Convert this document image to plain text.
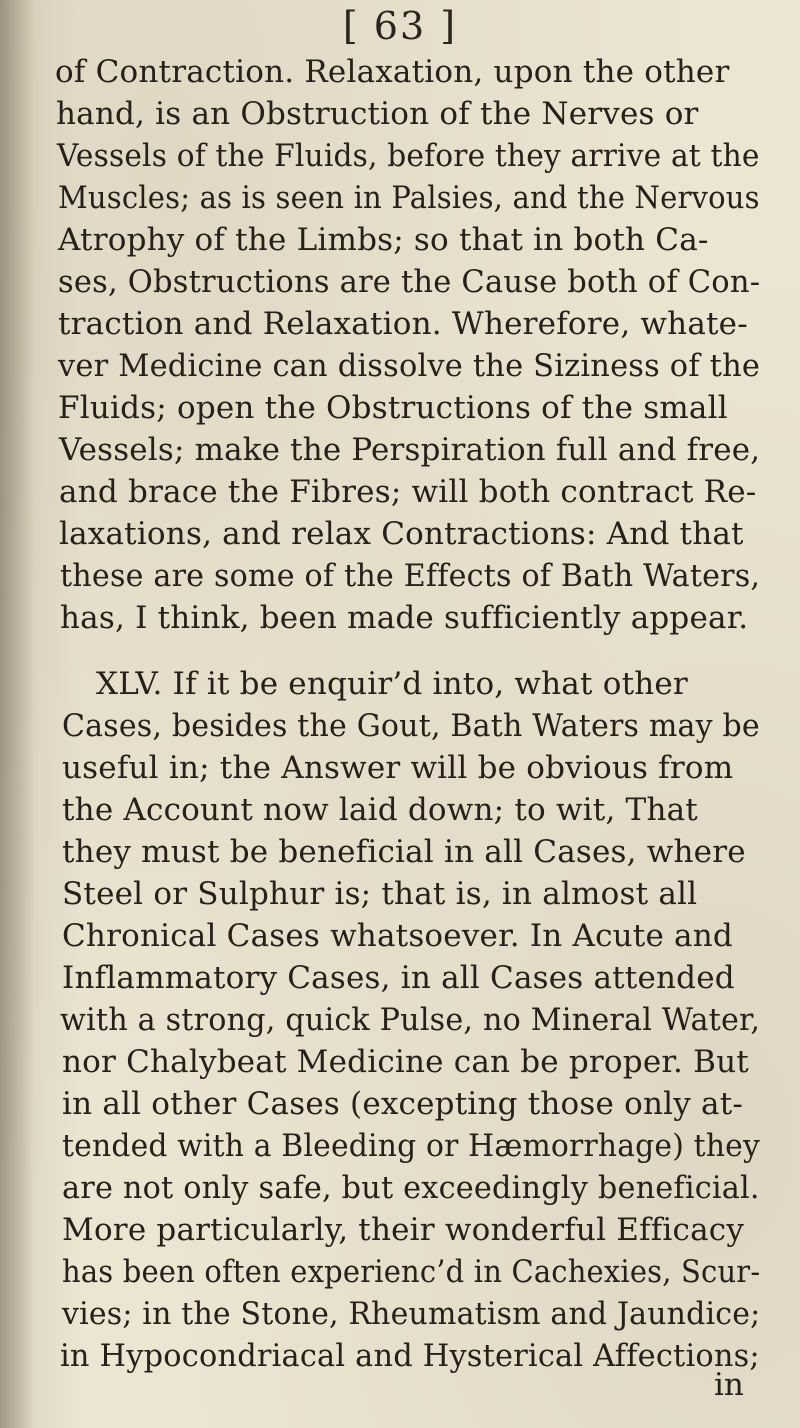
[ 63 ]
of Contraction. Relaxation, upon the other
hand, is an Obstruction of the Nerves or
Vessels of the Fluids, before they arrive at the
Muscles; as is seen in Palsies, and the Nervous
Atrophy of the Limbs; so that in both Ca-
ses, Obstructions are the Cause both of Con-
traction and Relaxation. Wherefore, whate-
ver Medicine can dissolve the Siziness of the
Fluids; open the Obstructions of the small
Vessels; make the Perspiration full and free,
and brace the Fibres; will both contract Re-
laxations, and relax Contractions: And that
these are some of the Effects of Bath Waters,
has, I think, been made sufficiently appear.
XLV. If it be enquir’d into, what other
Cases, besides the Gout, Bath Waters may be
useful in; the Answer will be obvious from
the Account now laid down; to wit, That
they must be beneficial in all Cases, where
Steel or Sulphur is; that is, in almost all
Chronical Cases whatsoever. In Acute and
Inflammatory Cases, in all Cases attended
with a strong, quick Pulse, no Mineral Water,
nor Chalybeat Medicine can be proper. But
in all other Cases (excepting those only at-
tended with a Bleeding or Hæmorrhage) they
are not only safe, but exceedingly beneficial.
More particularly, their wonderful Efficacy
has been often experienc’d in Cachexies, Scur-
vies; in the Stone, Rheumatism and Jaundice;
in Hypocondriacal and Hysterical Affections;
in
